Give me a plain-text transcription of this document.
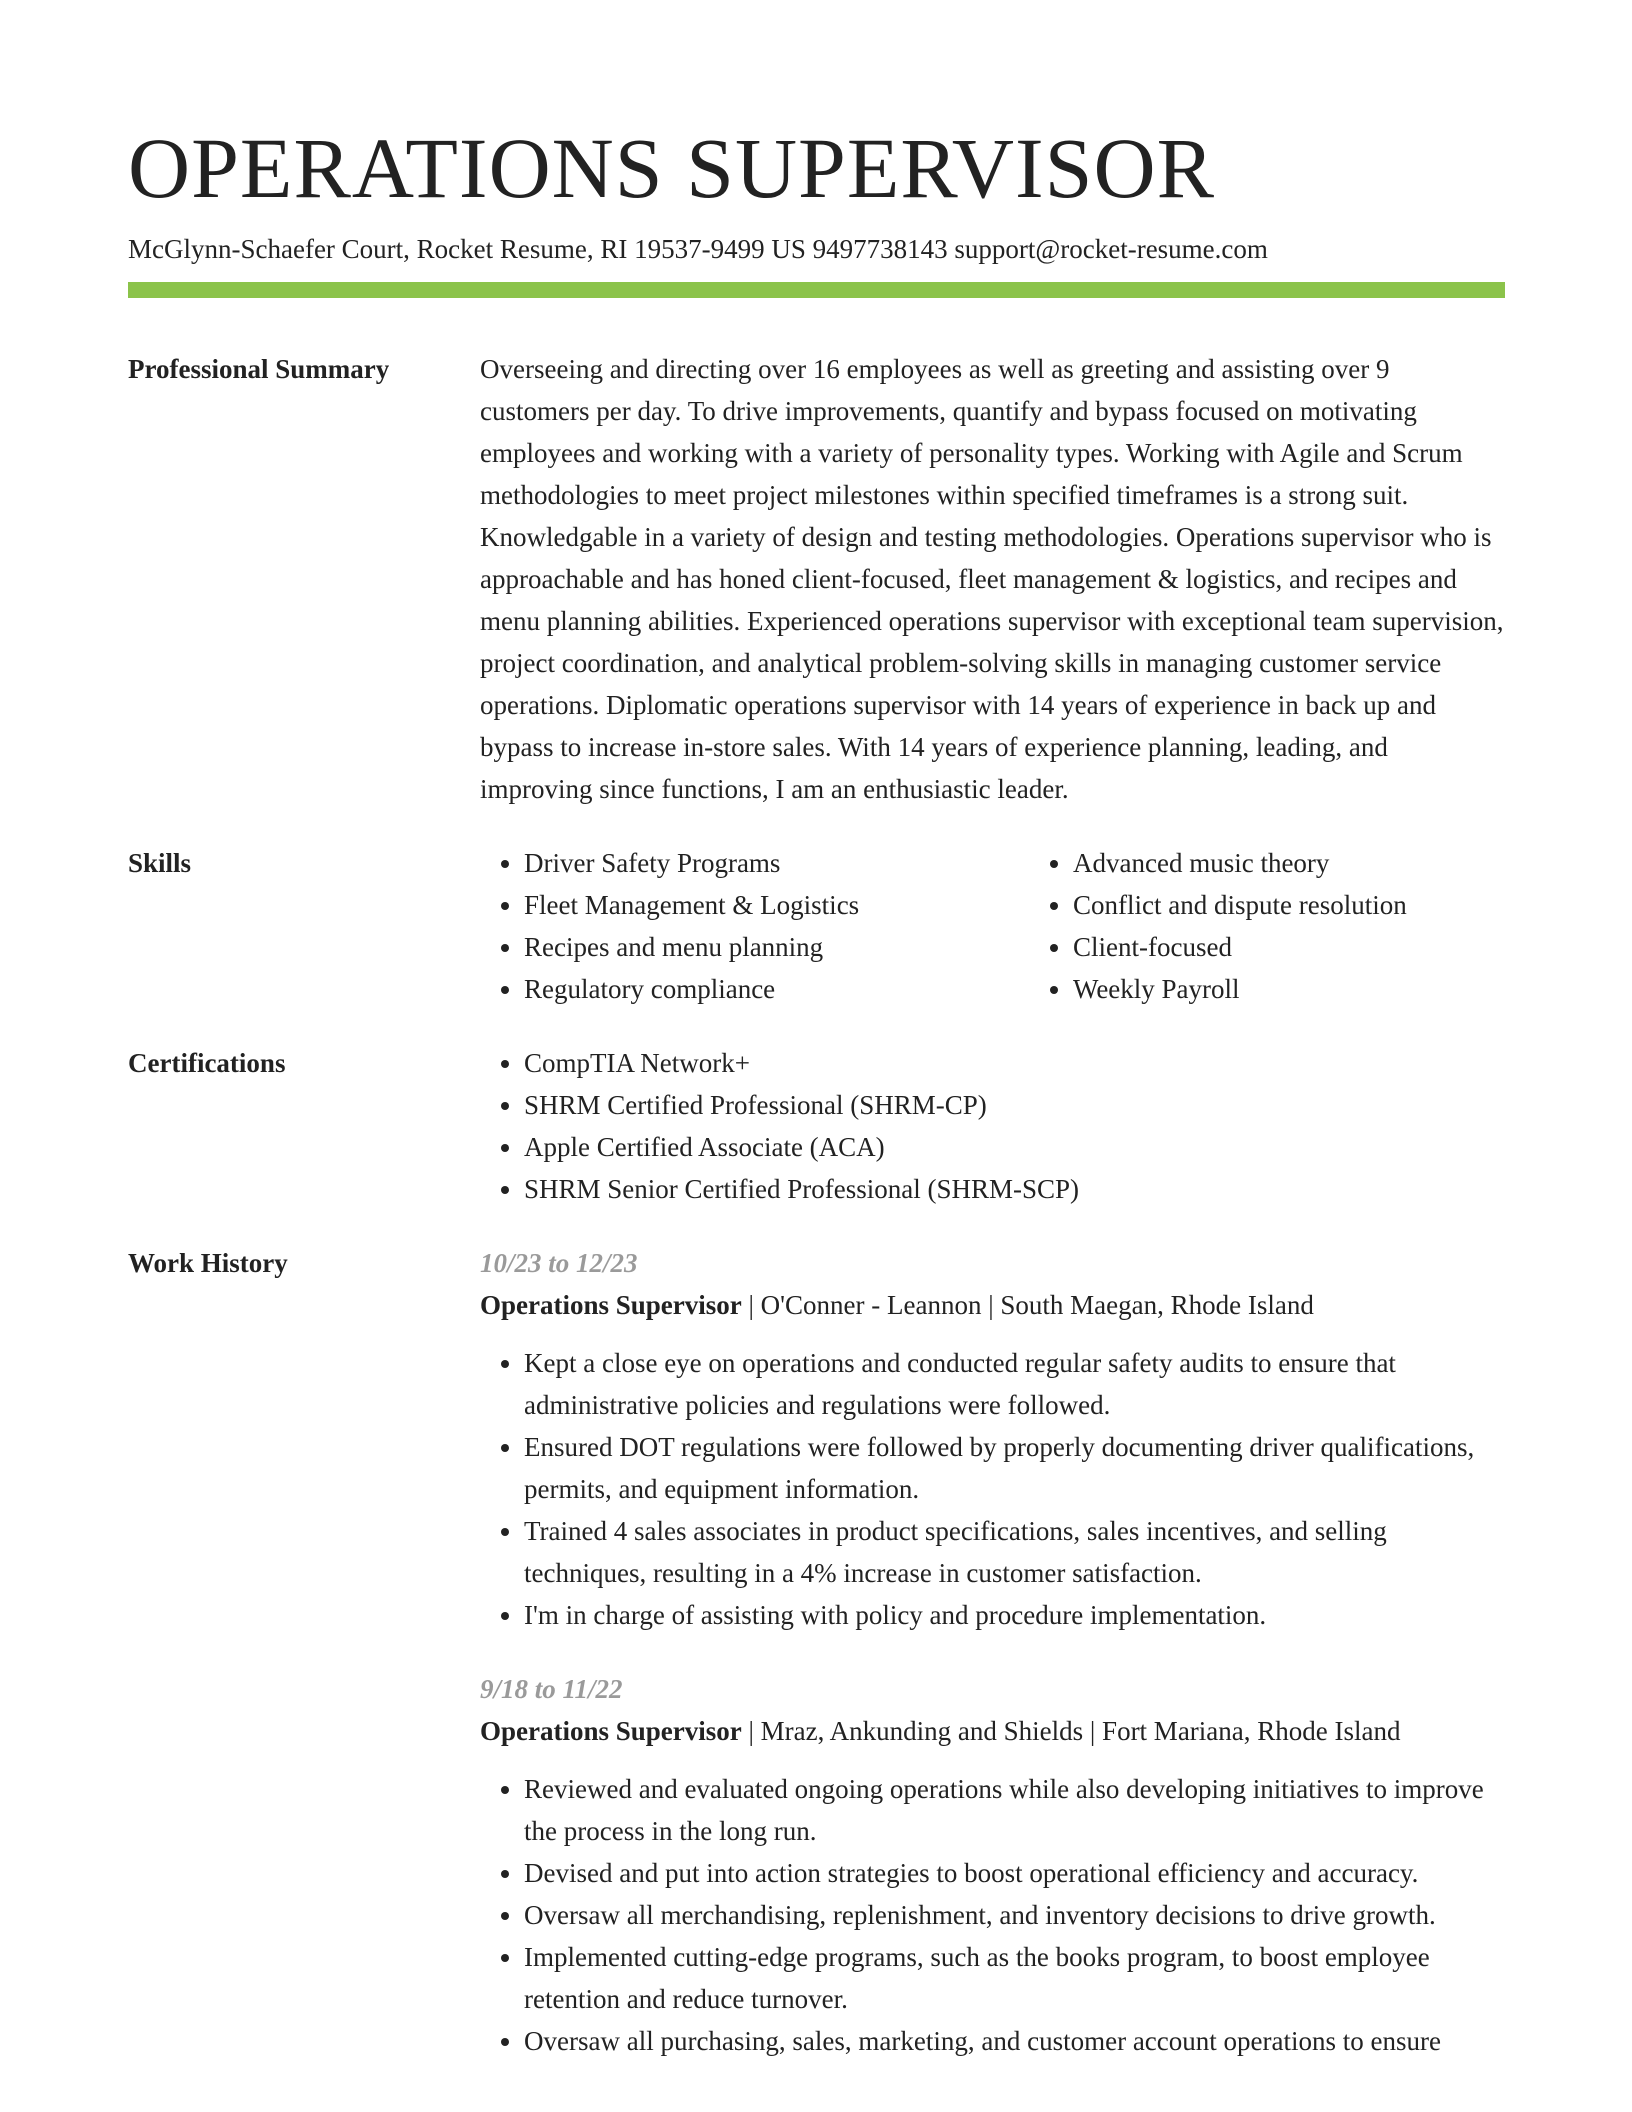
OPERATIONS SUPERVISOR
McGlynn-Schaefer Court, Rocket Resume, RI 19537-9499 US 9497738143 support@rocket-resume.com
Professional Summary	Overseeing and directing over 16 employees as well as greeting and assisting over 9 customers per day. To drive improvements, quantify and bypass focused on motivating employees and working with a variety of personality types. Working with Agile and Scrum methodologies to meet project milestones within specified timeframes is a strong suit. Knowledgable in a variety of design and testing methodologies. Operations supervisor who is approachable and has honed client-focused, fleet management & logistics, and recipes and menu planning abilities. Experienced operations supervisor with exceptional team supervision, project coordination, and analytical problem-solving skills in managing customer service operations. Diplomatic operations supervisor with 14 years of experience in back up and bypass to increase in-store sales. With 14 years of experience planning, leading, and improving since functions, I am an enthusiastic leader.

Skills	• Driver Safety Programs
• Fleet Management & Logistics
• Recipes and menu planning
• Regulatory compliance
• Advanced music theory
• Conflict and dispute resolution
• Client-focused
• Weekly Payroll
Certifications	• CompTIA Network+
• SHRM Certified Professional (SHRM-CP)
• Apple Certified Associate (ACA)
• SHRM Senior Certified Professional (SHRM-SCP)
Work History	10/23 to 12/23
Operations Supervisor | O'Conner - Leannon | South Maegan, Rhode Island
• Kept a close eye on operations and conducted regular safety audits to ensure that administrative policies and regulations were followed.
• Ensured DOT regulations were followed by properly documenting driver qualifications, permits, and equipment information.
• Trained 4 sales associates in product specifications, sales incentives, and selling techniques, resulting in a 4% increase in customer satisfaction.
• I'm in charge of assisting with policy and procedure implementation.
9/18 to 11/22
Operations Supervisor | Mraz, Ankunding and Shields | Fort Mariana, Rhode Island
• Reviewed and evaluated ongoing operations while also developing initiatives to improve the process in the long run.
• Devised and put into action strategies to boost operational efficiency and accuracy.
• Oversaw all merchandising, replenishment, and inventory decisions to drive growth.
• Implemented cutting-edge programs, such as the books program, to boost employee retention and reduce turnover.
• Oversaw all purchasing, sales, marketing, and customer account operations to ensure
